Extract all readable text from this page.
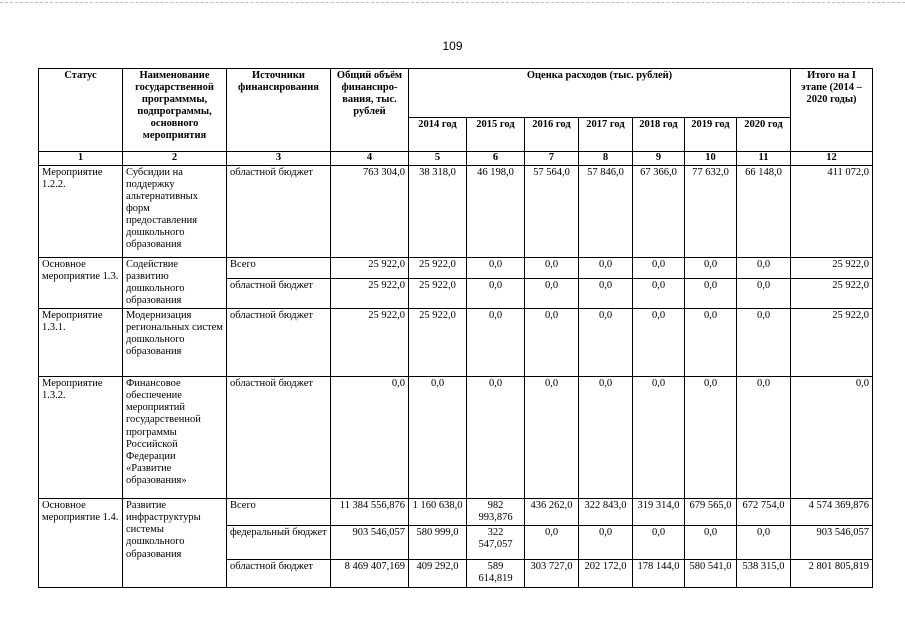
109
Статус	Наименование государственной программмы, подпрограммы, основного мероприятия	Источники финансирования	Общий объём финансиро-вания, тыс. рублей	Оценка расходов (тыс. рублей)							Итого на I этапе (2014 – 2020 годы)
				2014 год	2015 год	2016 год	2017 год	2018 год	2019 год	2020 год	
1	2	3	4	5	6	7	8	9	10	11	12
Мероприятие 1.2.2.	Субсидии на поддержку альтернативных форм предоставления дошкольного образования	областной бюджет	763 304,0	38 318,0	46 198,0	57 564,0	57 846,0	67 366,0	77 632,0	66 148,0	411 072,0
Основное мероприятие 1.3.	Содействие развитию дошкольного образования	Всего	25 922,0	25 922,0	0,0	0,0	0,0	0,0	0,0	0,0	25 922,0
		областной бюджет	25 922,0	25 922,0	0,0	0,0	0,0	0,0	0,0	0,0	25 922,0
Мероприятие 1.3.1.	Модернизация региональных систем дошкольного образования	областной бюджет	25 922,0	25 922,0	0,0	0,0	0,0	0,0	0,0	0,0	25 922,0
Мероприятие 1.3.2.	Финансовое обеспечение мероприятий государственной программы Российской Федерации «Развитие образования»	областной бюджет	0,0	0,0	0,0	0,0	0,0	0,0	0,0	0,0	0,0
Основное мероприятие 1.4.	Развитие инфраструктуры системы дошкольного образования	Всего	11 384 556,876	1 160 638,0	982 993,876	436 262,0	322 843,0	319 314,0	679 565,0	672 754,0	4 574 369,876
		федеральный бюджет	903 546,057	580 999,0	322 547,057	0,0	0,0	0,0	0,0	0,0	903 546,057
		областной бюджет	8 469 407,169	409 292,0	589 614,819	303 727,0	202 172,0	178 144,0	580 541,0	538 315,0	2 801 805,819
